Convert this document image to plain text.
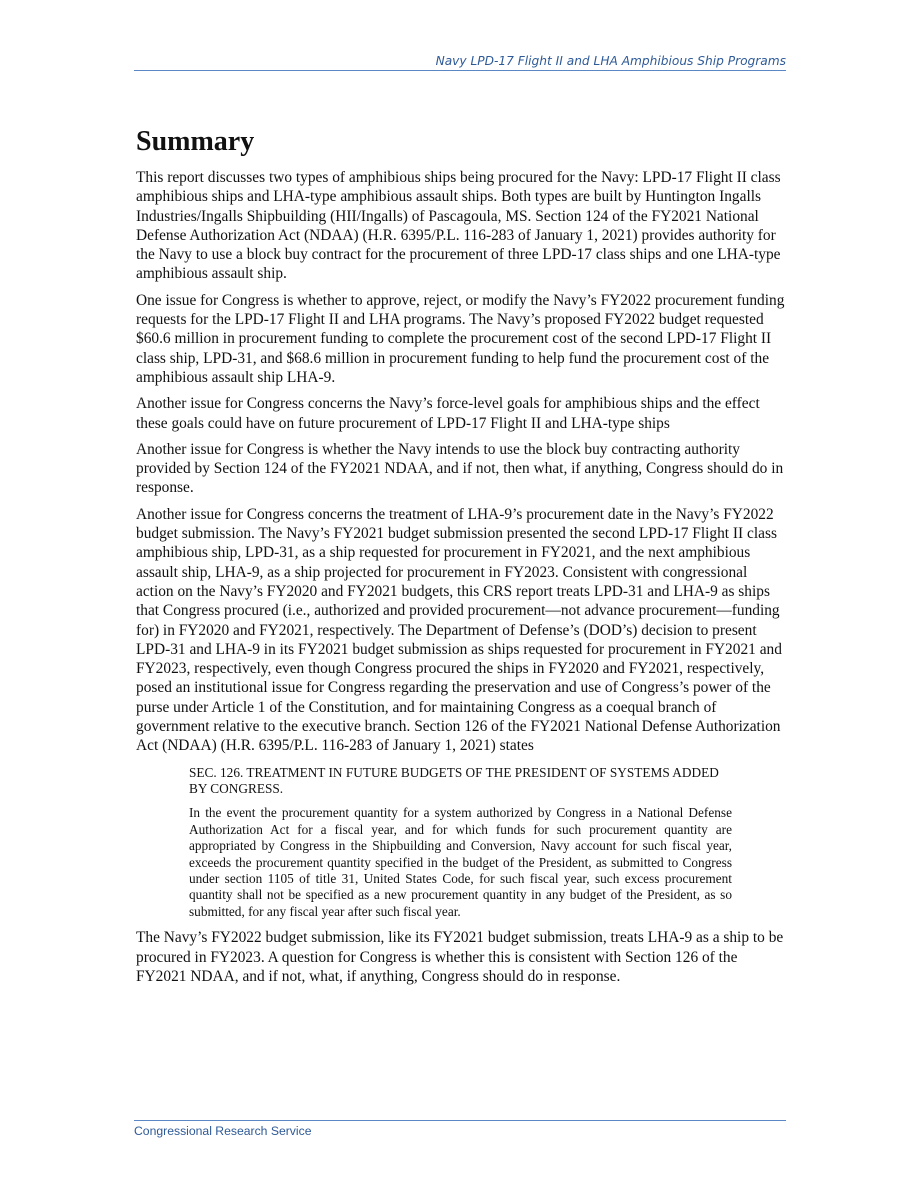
Navy LPD-17 Flight II and LHA Amphibious Ship Programs
Summary

This report discusses two types of amphibious ships being procured for the Navy: LPD-17 Flight II class amphibious ships and LHA-type amphibious assault ships. Both types are built by Huntington Ingalls Industries/Ingalls Shipbuilding (HII/Ingalls) of Pascagoula, MS. Section 124 of the FY2021 National Defense Authorization Act (NDAA) (H.R. 6395/P.L. 116-283 of January 1, 2021) provides authority for the Navy to use a block buy contract for the procurement of three LPD-17 class ships and one LHA-type amphibious assault ship.

One issue for Congress is whether to approve, reject, or modify the Navy’s FY2022 procurement funding requests for the LPD-17 Flight II and LHA programs. The Navy’s proposed FY2022 budget requested $60.6 million in procurement funding to complete the procurement cost of the second LPD-17 Flight II class ship, LPD-31, and $68.6 million in procurement funding to help fund the procurement cost of the amphibious assault ship LHA-9.

Another issue for Congress concerns the Navy’s force-level goals for amphibious ships and the effect these goals could have on future procurement of LPD-17 Flight II and LHA-type ships

Another issue for Congress is whether the Navy intends to use the block buy contracting authority provided by Section 124 of the FY2021 NDAA, and if not, then what, if anything, Congress should do in response.

Another issue for Congress concerns the treatment of LHA-9’s procurement date in the Navy’s FY2022 budget submission. The Navy’s FY2021 budget submission presented the second LPD-17 Flight II class amphibious ship, LPD-31, as a ship requested for procurement in FY2021, and the next amphibious assault ship, LHA-9, as a ship projected for procurement in FY2023. Consistent with congressional action on the Navy’s FY2020 and FY2021 budgets, this CRS report treats LPD-31 and LHA-9 as ships that Congress procured (i.e., authorized and provided procurement—not advance procurement—funding for) in FY2020 and FY2021, respectively. The Department of Defense’s (DOD’s) decision to present LPD-31 and LHA-9 in its FY2021 budget submission as ships requested for procurement in FY2021 and FY2023, respectively, even though Congress procured the ships in FY2020 and FY2021, respectively, posed an institutional issue for Congress regarding the preservation and use of Congress’s power of the purse under Article 1 of the Constitution, and for maintaining Congress as a coequal branch of government relative to the executive branch. Section 126 of the FY2021 National Defense Authorization Act (NDAA) (H.R. 6395/P.L. 116-283 of January 1, 2021) states

SEC. 126. TREATMENT IN FUTURE BUDGETS OF THE PRESIDENT OF SYSTEMS ADDED BY CONGRESS.

In the event the procurement quantity for a system authorized by Congress in a National Defense Authorization Act for a fiscal year, and for which funds for such procurement quantity are appropriated by Congress in the Shipbuilding and Conversion, Navy account for such fiscal year, exceeds the procurement quantity specified in the budget of the President, as submitted to Congress under section 1105 of title 31, United States Code, for such fiscal year, such excess procurement quantity shall not be specified as a new procurement quantity in any budget of the President, as so submitted, for any fiscal year after such fiscal year.

The Navy’s FY2022 budget submission, like its FY2021 budget submission, treats LHA-9 as a ship to be procured in FY2023. A question for Congress is whether this is consistent with Section 126 of the FY2021 NDAA, and if not, what, if anything, Congress should do in response.

Congressional Research Service
